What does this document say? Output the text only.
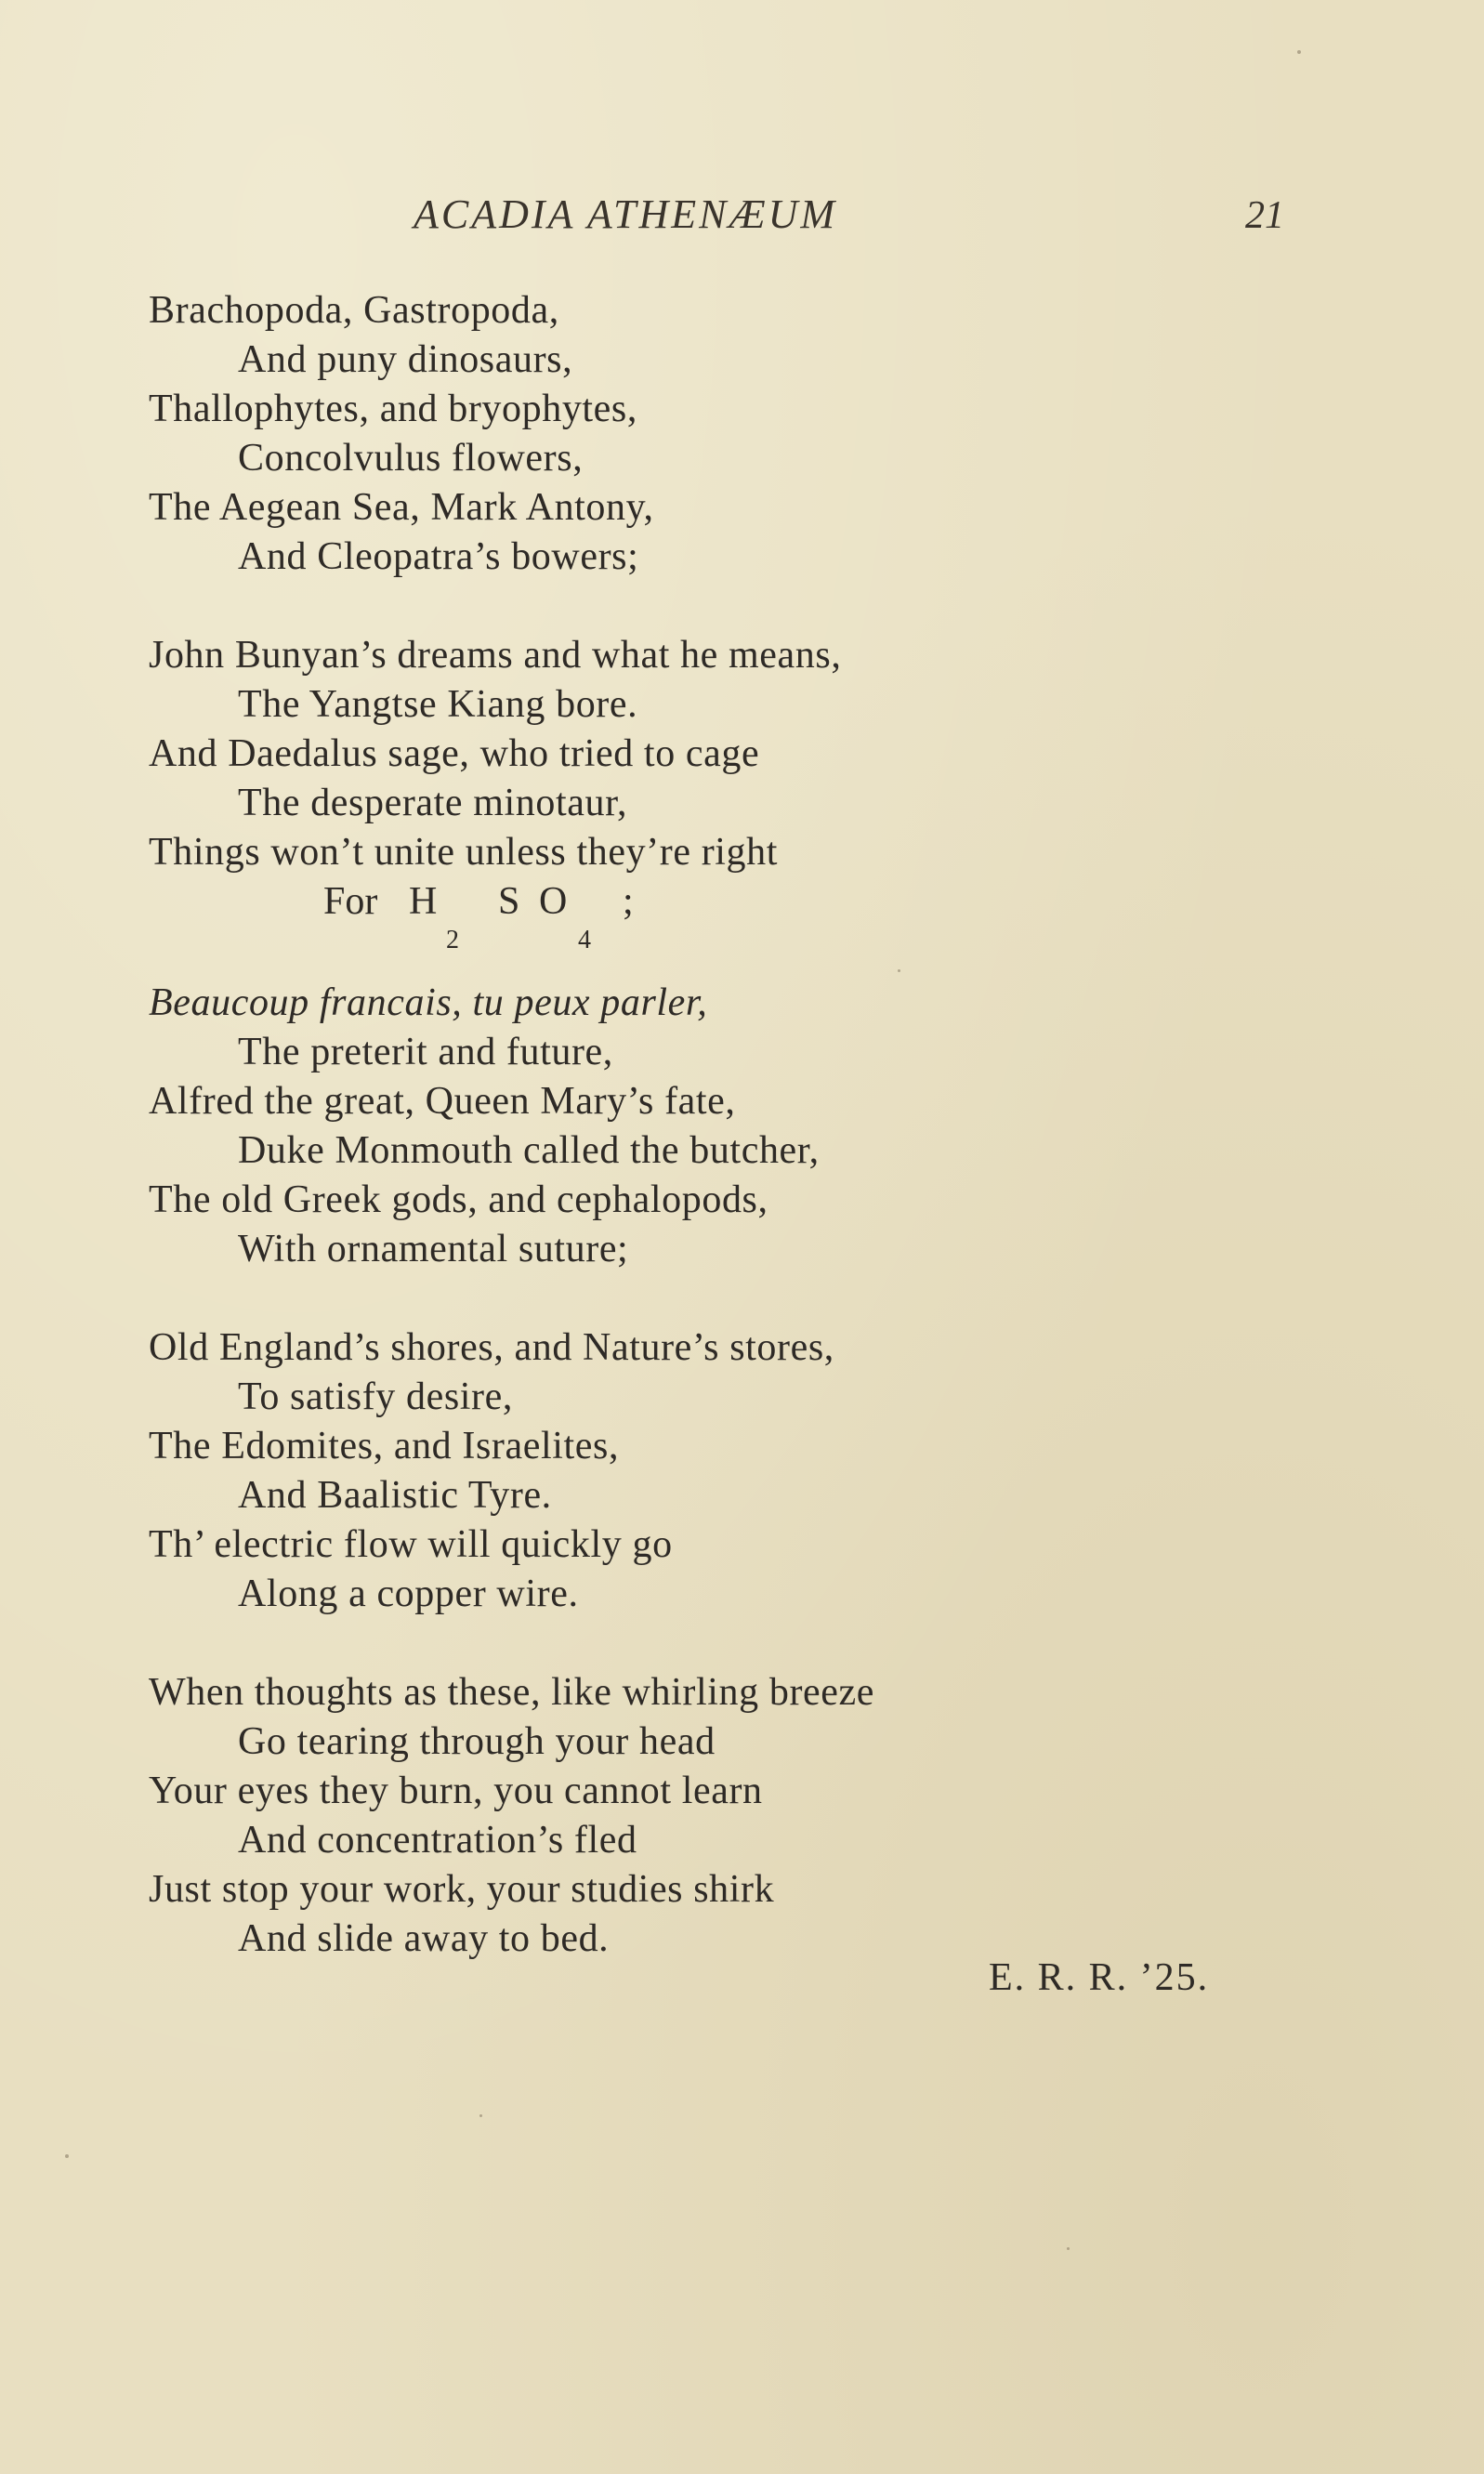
ACADIA ATHENÆUM	21
Brachopoda, Gastropoda,
And puny dinosaurs,
Thallophytes, and bryophytes,
Concolvulus flowers,
The Aegean Sea, Mark Antony,
And Cleopatra’s bowers;
John Bunyan’s dreams and what he means,
The Yangtse Kiang bore.
And Daedalus sage, who tried to cage
The desperate minotaur,
Things won’t unite unless they’re right
For H S O ;
2	4
Beaucoup francais, tu peux parler,
The preterit and future,
Alfred the great, Queen Mary’s fate,
Duke Monmouth called the butcher,
The old Greek gods, and cephalopods,
With ornamental suture;
Old England’s shores, and Nature’s stores,
To satisfy desire,
The Edomites, and Israelites,
And Baalistic Tyre.
Th’ electric flow will quickly go
Along a copper wire.
When thoughts as these, like whirling breeze
Go tearing through your head
Your eyes they burn, you cannot learn
And concentration’s fled
Just stop your work, your studies shirk
And slide away to bed.
E. R. R. ’25.
